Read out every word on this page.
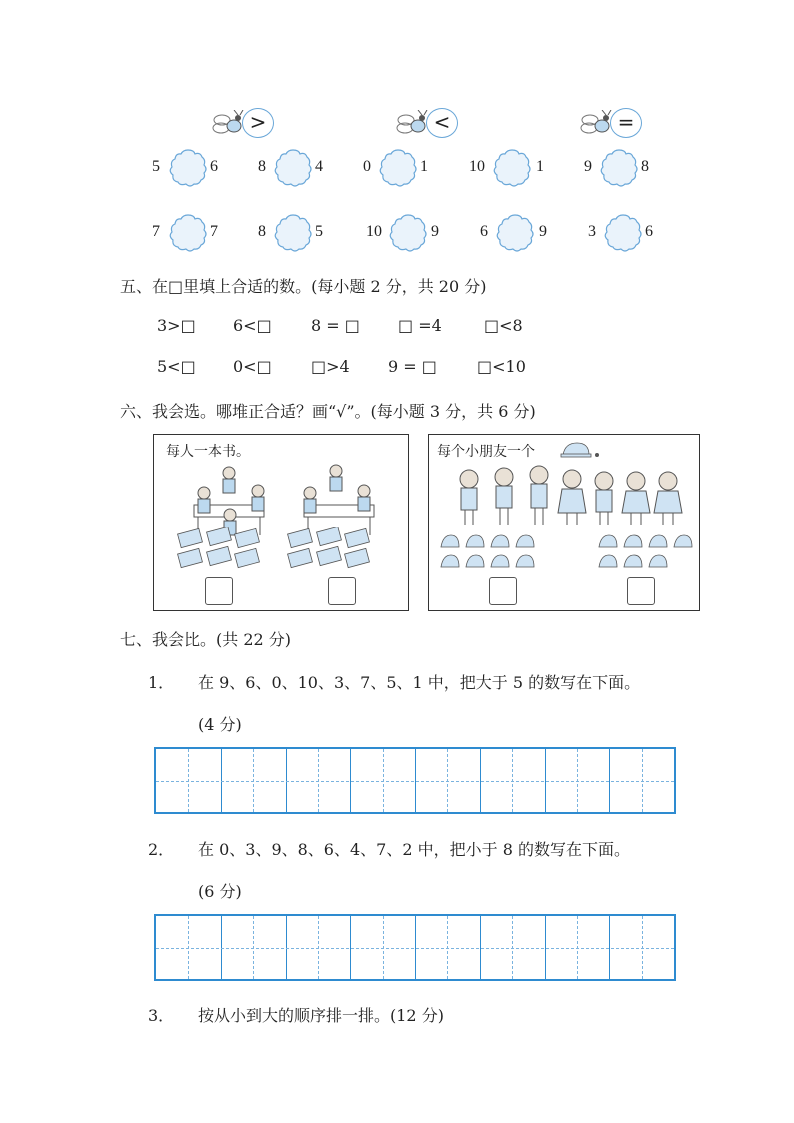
>	<	=
5	6	8	4	0	1	10	1	9	8
7	7	8	5	10	9	6	9	3	6
五、在□里填上合适的数。(每小题 2 分，共 20 分)
3>□ 6<□ 8 = □ □ =4	□<8
5<□ 0<□ □>4 9 = □	□<10
六、我会选。哪堆正合适？画“√”。(每小题 3 分，共 6 分)
每人一本书。	每个小朋友一个
七、我会比。(共 22 分)
1． 在 9、6、0、10、3、7、5、1 中，把大于 5 的数写在下面。
(4 分)
2． 在 0、3、9、8、6、4、7、2 中，把小于 8 的数写在下面。
(6 分)
3． 按从小到大的顺序排一排。(12 分)
